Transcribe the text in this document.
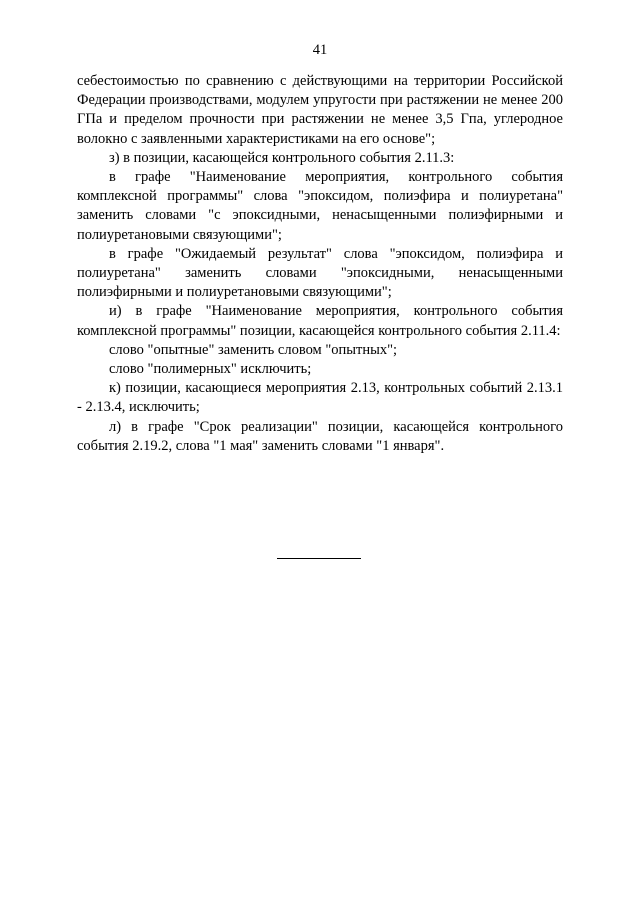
41

себестоимостью по сравнению с действующими на территории Российской Федерации производствами, модулем упругости при растяжении не менее 200 ГПа и пределом прочности при растяжении не менее 3,5 Гпа, углеродное волокно с заявленными характеристиками на его основе";

з) в позиции, касающейся контрольного события 2.11.3:

в графе "Наименование мероприятия, контрольного события комплексной программы" слова "эпоксидом, полиэфира и полиуретана" заменить словами "с эпоксидными, ненасыщенными полиэфирными и полиуретановыми связующими";

в графе "Ожидаемый результат" слова "эпоксидом, полиэфира и полиуретана" заменить словами "эпоксидными, ненасыщенными полиэфирными и полиуретановыми связующими";

и) в графе "Наименование мероприятия, контрольного события комплексной программы" позиции, касающейся контрольного события 2.11.4:

слово "опытные" заменить словом "опытных";

слово "полимерных" исключить;

к) позиции, касающиеся мероприятия 2.13, контрольных событий 2.13.1 - 2.13.4, исключить;

л) в графе "Срок реализации" позиции, касающейся контрольного события 2.19.2, слова "1 мая" заменить словами "1 января".
